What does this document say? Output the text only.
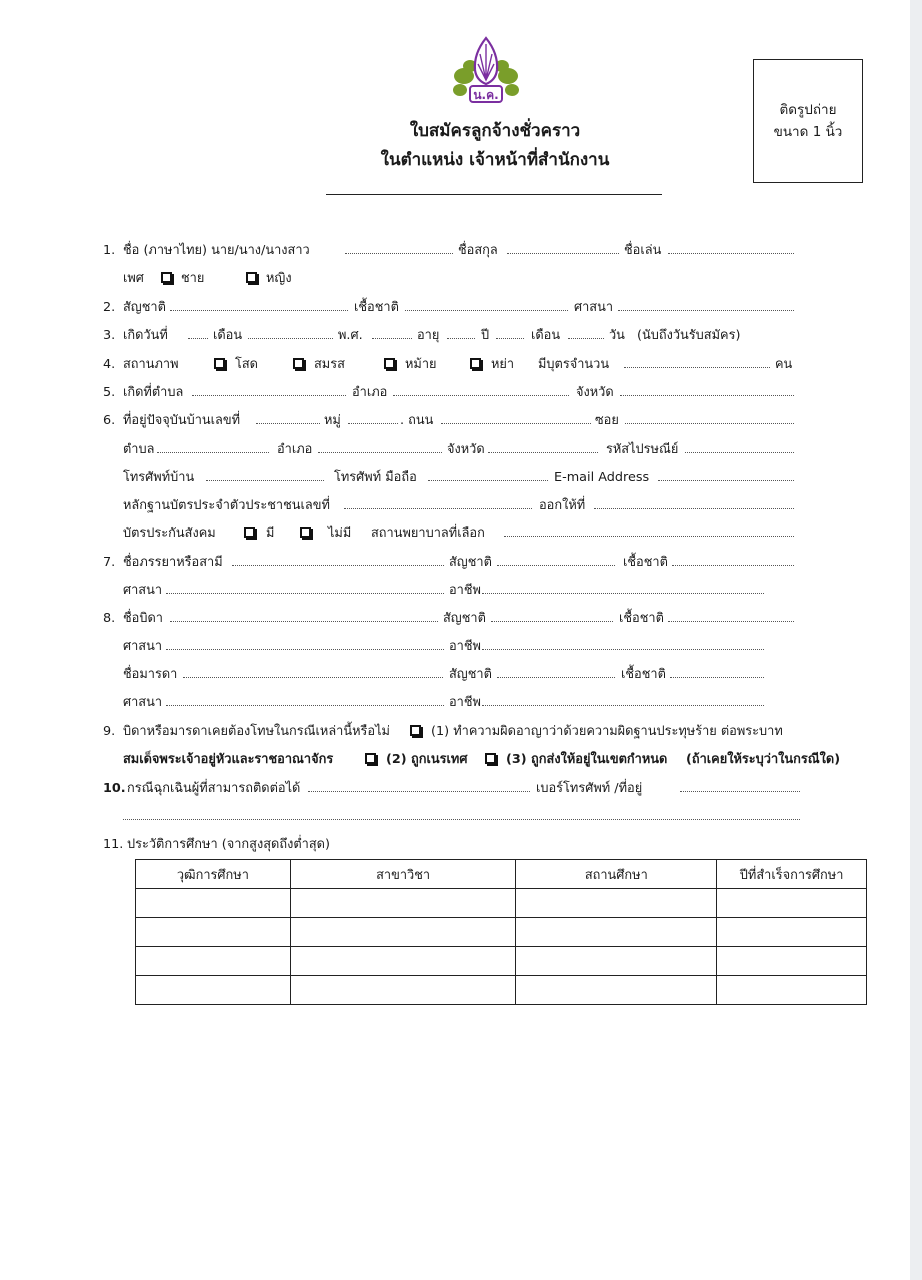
น.ค.
ติดรูปถ่าย
ขนาด 1 นิ้ว
ใบสมัครลูกจ้างชั่วคราว
ในตำแหน่ง เจ้าหน้าที่สำนักงาน
1. ชื่อ (ภาษาไทย) นาย/นาง/นางสาว	ชื่อสกุล	ชื่อเล่น
เพศ	ชาย	หญิง
2. สัญชาติ	เชื้อชาติ	ศาสนา
3. เกิดวันที่	เดือน	พ.ศ.	อายุ	ปี	เดือน	วัน (นับถึงวันรับสมัคร)
4. สถานภาพ	โสด	สมรส	หม้าย	หย่า มีบุตรจำนวน	คน
5. เกิดที่ตำบล	อำเภอ	จังหวัด
6. ที่อยู่ปัจจุบันบ้านเลขที่	หมู่	. ถนน	ซอย
ตำบล	อำเภอ	จังหวัด	รหัสไปรษณีย์
โทรศัพท์บ้าน	โทรศัพท์ มือถือ	E-mail Address
หลักฐานบัตรประจำตัวประชาชนเลขที่	ออกให้ที่
บัตรประกันสังคม	มี	ไม่มี สถานพยาบาลที่เลือก
7. ชื่อภรรยาหรือสามี	สัญชาติ	เชื้อชาติ
ศาสนา	อาชีพ
8. ชื่อบิดา	สัญชาติ	เชื้อชาติ
ศาสนา	อาชีพ
ชื่อมารดา	สัญชาติ	เชื้อชาติ
ศาสนา	อาชีพ
9. บิดาหรือมารดาเคยต้องโทษในกรณีเหล่านี้หรือไม่	(1) ทำความผิดอาญาว่าด้วยความผิดฐานประทุษร้าย ต่อพระบาท
สมเด็จพระเจ้าอยู่หัวและราชอาณาจักร	(2) ถูกเนรเทศ	(3) ถูกส่งให้อยู่ในเขตกำหนด (ถ้าเคยให้ระบุว่าในกรณีใด)
10. กรณีฉุกเฉินผู้ที่สามารถติดต่อได้	เบอร์โทรศัพท์ /ที่อยู่
11. ประวัติการศึกษา (จากสูงสุดถึงต่ำสุด)
วุฒิการศึกษา	สาขาวิชา	สถานศึกษา	ปีที่สำเร็จการศึกษา
